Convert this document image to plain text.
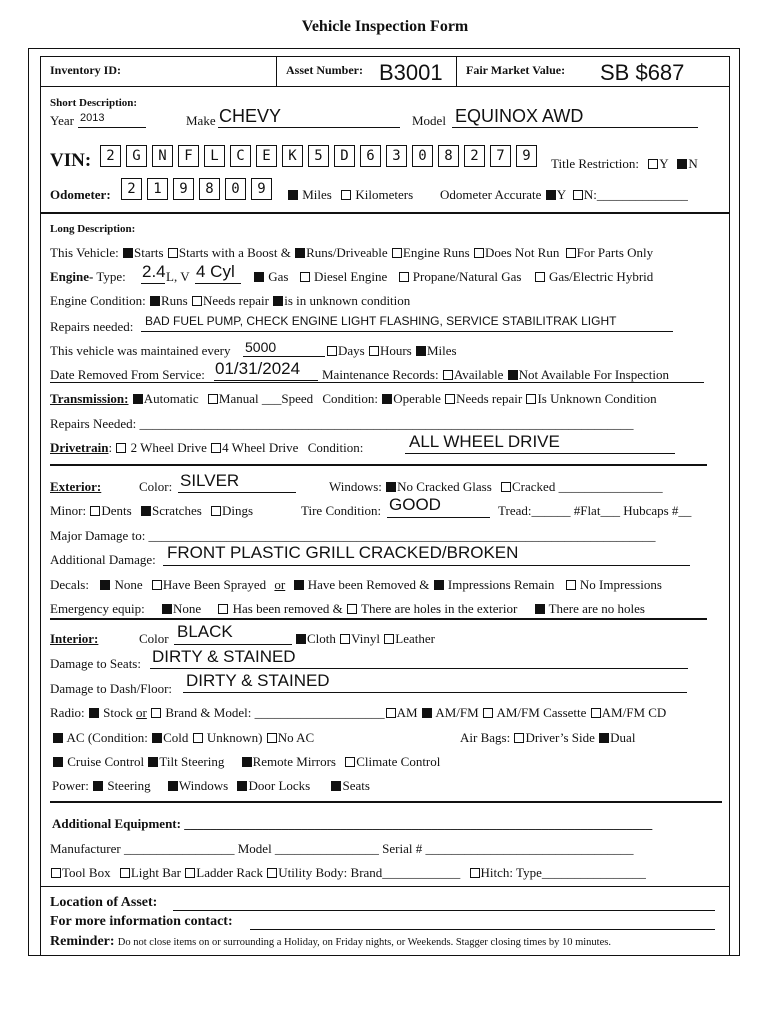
Vehicle Inspection Form
Inventory ID:	Asset Number: B3001 Fair Market Value: SB $687
Short Description:
Year 2013	Make CHEVY	Model EQUINOX AWD
VIN:	2	G	N	F	L	C	E	K	5	D	6	3	0	8	2	7	9	Title Restriction: Y N
Odometer:	2	1	9	8	0	9	Miles Kilometers Odometer Accurate Y N:______________
Long Description:
This Vehicle: Starts Starts with a Boost & Runs/Driveable Engine Runs Does Not Run For Parts Only
Engine- Type: 2.4 L, V 4 Cyl	Gas Diesel Engine Propane/Natural Gas Gas/Electric Hybrid
Engine Condition: Runs Needs repair is in unknown condition
Repairs needed: BAD FUEL PUMP, CHECK ENGINE LIGHT FLASHING, SERVICE STABILITRAK LIGHT
This vehicle was maintained every 5000	Days Hours Miles
Date Removed From Service: 01/31/2024 Maintenance Records: Available Not Available For Inspection
Transmission: Automatic Manual ___Speed Condition: Operable Needs repair Is Unknown Condition
Repairs Needed: ____________________________________________________________________________
Drivetrain:  2 Wheel Drive 4 Wheel Drive Condition:	ALL WHEEL DRIVE
Exterior:	Color: SILVER	Windows: No Cracked Glass Cracked ________________
Minor: Dents Scratches Dings	Tire Condition: GOOD	Tread:______ #Flat___ Hubcaps #__
Major Damage to: ______________________________________________________________________________
Additional Damage: FRONT PLASTIC GRILL CRACKED/BROKEN
Decals: None Have Been Sprayed or Have been Removed & Impressions Remain No Impressions
Emergency equip: None Has been removed & There are holes in the exterior There are no holes
Interior:	Color BLACK	Cloth Vinyl Leather
Damage to Seats: DIRTY & STAINED
Damage to Dash/Floor: DIRTY & STAINED
Radio: Stock or Brand & Model: ____________________ AM AM/FM AM/FM Cassette AM/FM CD
AC (Condition: Cold Unknown) No AC	Air Bags: Driver’s Side Dual
Cruise Control Tilt Steering Remote Mirrors Climate Control
Power: Steering Windows Door Locks Seats
Additional Equipment: ________________________________________________________________________
Manufacturer _________________ Model ________________ Serial # ________________________________
Tool Box Light Bar Ladder Rack Utility Body: Brand____________ Hitch: Type________________
Location of Asset:
For more information contact:
Reminder: Do not close items on or surrounding a Holiday, on Friday nights, or Weekends. Stagger closing times by 10 minutes.
